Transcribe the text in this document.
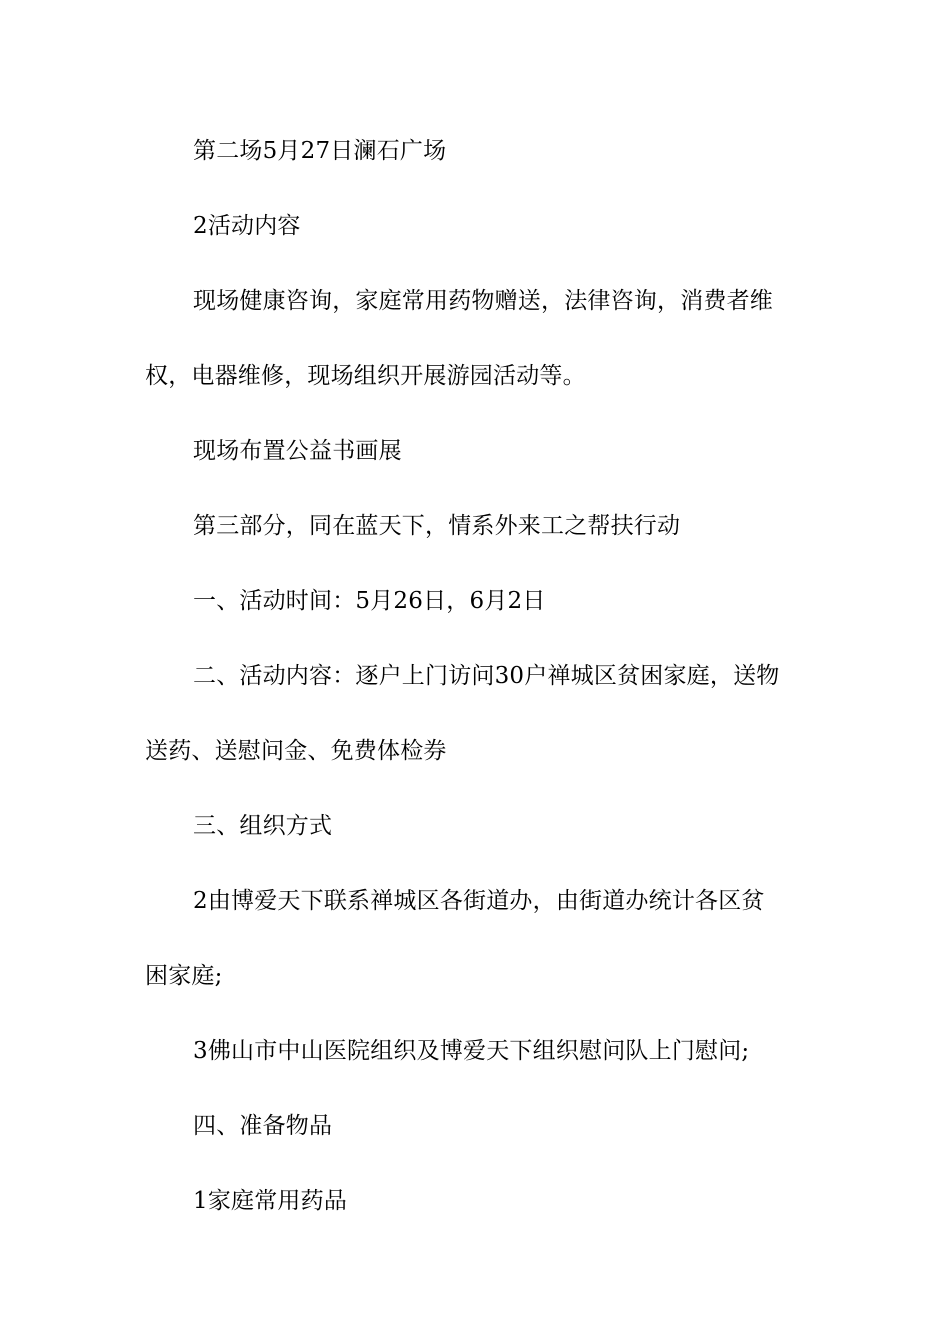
第二场5月27日澜石广场

2活动内容

现场健康咨询，家庭常用药物赠送，法律咨询，消费者维
权，电器维修，现场组织开展游园活动等。

现场布置公益书画展

第三部分，同在蓝天下，情系外来工之帮扶行动

一、活动时间：5月26日，6月2日

二、活动内容：逐户上门访问30户禅城区贫困家庭，送物
送药、送慰问金、免费体检券

三、组织方式

2由博爱天下联系禅城区各街道办，由街道办统计各区贫
困家庭;

3佛山市中山医院组织及博爱天下组织慰问队上门慰问;

四、准备物品

1家庭常用药品
